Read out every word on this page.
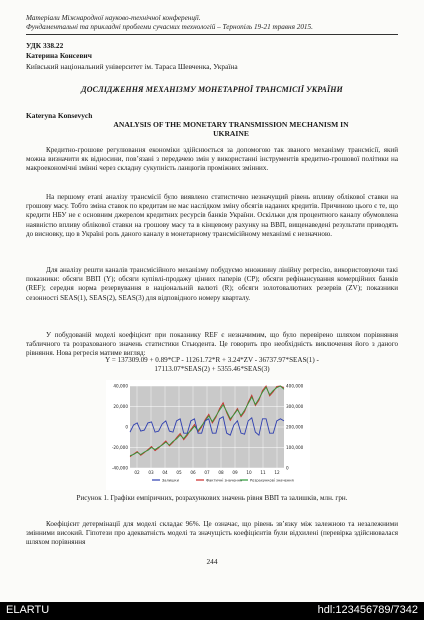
Матеріали Міжнародної науково-технічної конференції.
Фундаментальні та прикладні проблеми сучасних технологій – Тернопіль 19-21 травня 2015.
УДК 338.22
Катерина Консевич
Київський національний університет ім. Тараса Шевченка, Україна
ДОСЛІДЖЕННЯ МЕХАНІЗМУ МОНЕТАРНОЇ ТРАНСМІСІЇ УКРАЇНИ
Kateryna Konsevych
ANALYSIS OF THE MONETARY TRANSMISSION MECHANISM IN UKRAINE

Кредитно-грошове регулювання економіки здійснюється за допомогою так званого механізму трансмісії, який можна визначити як відносини, пов’язані з передачею змін у використанні інструментів кредитно-грошової політики на макроекономічні змінні через складну сукупність ланцюгів проміжних змінних.

На першому етапі аналізу трансмісії було виявлено статистично незначущий рівень впливу облікової ставки на грошову масу. Тобто зміна ставок по кредитам не має наслідком зміну обсягів наданих кредитів. Причиною цього є те, що кредити НБУ не є основним джерелом кредитних ресурсів банків України. Оскільки для процентного каналу обумовлена наявністю впливу облікової ставки на грошову масу та в кінцевому рахунку на ВВП, вищенаведені результати приводять до висновку, що в Україні роль даного каналу в монетарному трансмісійному механізмі є незначною.

Для аналізу решти каналів трансмісійного механізму побудуємо множинну лінійну регресію, використовуючи такі показники: обсяги ВВП (Y); обсяги купівлі-продажу цінних паперів (CP); обсяги рефінансування комерційних банків (REF); середня норма резервування в національній валюті (R); обсяги золотовалютних резервів (ZV); показники сезонності SEAS(1), SEAS(2), SEAS(3) для відповідного номеру кварталу.

У побудованій моделі коефіцієнт при показнику REF є незначимим, що було перевірено шляхом порівняння табличного та розрахованого значень статистики Стьюдента. Це говорить про необхідність виключення його з даного рівняння. Нова регресія матиме вигляд:

Y = 137309.09 + 0.89*CP - 11261.72*R + 3.24*ZV - 36737.97*SEAS(1) -
17113.07*SEAS(2) + 5355.46*SEAS(3)
-40,000
-20,000
0
20,000
40,000
0
100,000
200,000
300,000
400,000
02 03 04 05 06 07 08 09 10 11 12
Залишки	Фактичні значення Розрахункові значення
Рисунок 1. Графіки емпіричних, розрахункових значень рівня ВВП та залишків, млн. грн.

Коефіцієнт детермінації для моделі складає 96%. Це означає, що рівень зв’язку між залежною та незалежними змінними високий. Гіпотези про адекватність моделі та значущість коефіцієнтів були відхилені (перевірка здійснювалася шляхом порівняння

244
ELARTU	hdl:123456789/7342
